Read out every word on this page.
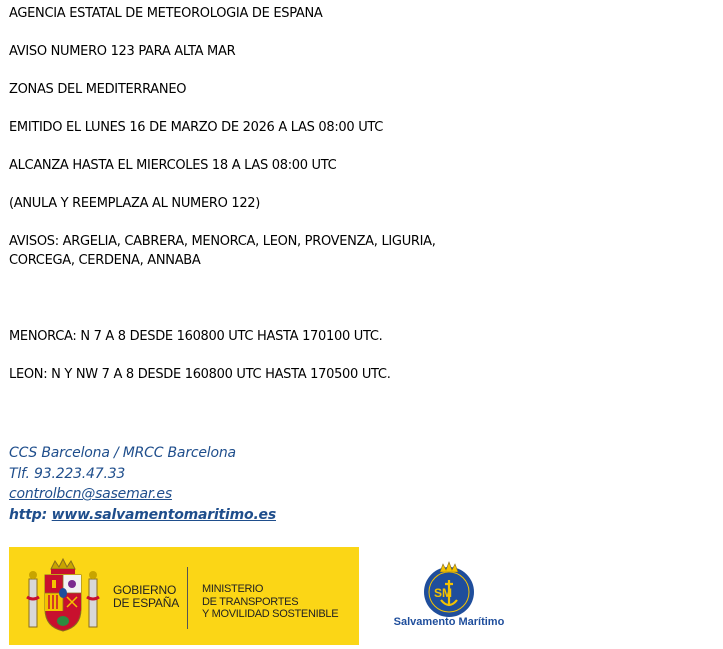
AGENCIA ESTATAL DE METEOROLOGIA DE ESPANA
AVISO NUMERO 123 PARA ALTA MAR
ZONAS DEL MEDITERRANEO
EMITIDO EL LUNES 16 DE MARZO DE 2026 A LAS 08:00 UTC
ALCANZA HASTA EL MIERCOLES 18 A LAS 08:00 UTC
(ANULA Y REEMPLAZA AL NUMERO 122)
AVISOS: ARGELIA, CABRERA, MENORCA, LEON, PROVENZA, LIGURIA,
CORCEGA, CERDENA, ANNABA
MENORCA: N 7 A 8 DESDE 160800 UTC HASTA 170100 UTC.
LEON: N Y NW 7 A 8 DESDE 160800 UTC HASTA 170500 UTC.
CCS Barcelona / MRCC Barcelona
Tlf. 93.223.47.33
controlbcn@sasemar.es
http: www.salvamentomaritimo.es
GOBIERNO
DE ESPAÑA
MINISTERIO
DE TRANSPORTES
Y MOVILIDAD SOSTENIBLE
SM
Salvamento Marítimo
